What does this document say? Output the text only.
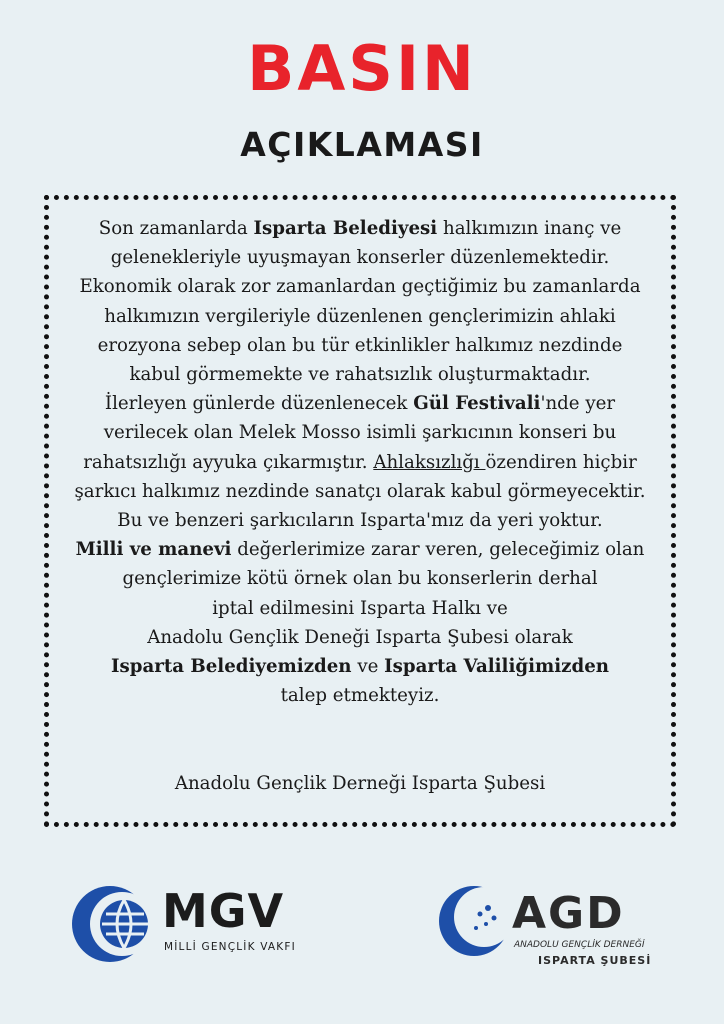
BASIN
AÇIKLAMASI
Son zamanlarda Isparta Belediyesi halkımızın inanç ve
gelenekleriyle uyuşmayan konserler düzenlemektedir.
Ekonomik olarak zor zamanlardan geçtiğimiz bu zamanlarda
halkımızın vergileriyle düzenlenen gençlerimizin ahlaki
erozyona sebep olan bu tür etkinlikler halkımız nezdinde
kabul görmemekte ve rahatsızlık oluşturmaktadır.
İlerleyen günlerde düzenlenecek Gül Festivali'nde yer
verilecek olan Melek Mosso isimli şarkıcının konseri bu
rahatsızlığı ayyuka çıkarmıştır. Ahlaksızlığı özendiren hiçbir
şarkıcı halkımız nezdinde sanatçı olarak kabul görmeyecektir.
Bu ve benzeri şarkıcıların Isparta'mız da yeri yoktur.
Milli ve manevi değerlerimize zarar veren, geleceğimiz olan
gençlerimize kötü örnek olan bu konserlerin derhal
iptal edilmesini Isparta Halkı ve
Anadolu Gençlik Deneği Isparta Şubesi olarak
Isparta Belediyemizden ve Isparta Valiliğimizden
talep etmekteyiz.
Anadolu Gençlik Derneği Isparta Şubesi
MGV
MİLLİ GENÇLİK VAKFI
AGD
ANADOLU GENÇLİK DERNEĞİ
ISPARTA ŞUBESİ
